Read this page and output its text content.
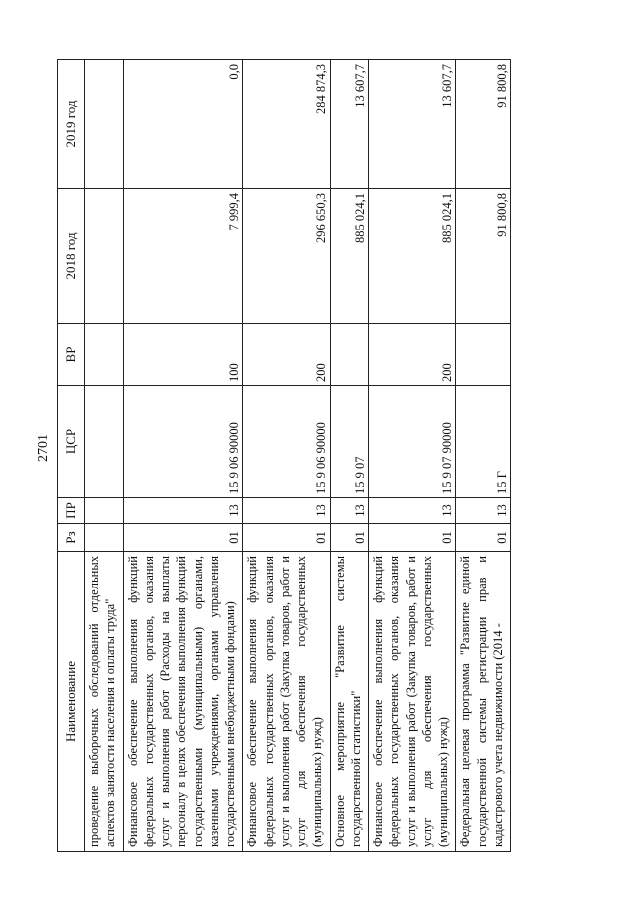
2701
Наименование	Рз	ПР	ЦСР	ВР	2018 год	2019 год
проведение выборочных обследований отдельных аспектов занятости населения и оплаты труда"						
Финансовое обеспечение выполнения функций федеральных государственных органов, оказания услуг и выполнения работ (Расходы на выплаты персоналу в целях обеспечения выполнения функций государственными (муниципальными) органами, казенными учреждениями, органами управления государственными внебюджетными фондами)	01	13	15 9 06 90000	100	7 999,4	0,0
Финансовое обеспечение выполнения функций федеральных государственных органов, оказания услуг и выполнения работ (Закупка товаров, работ и услуг для обеспечения государственных (муниципальных) нужд)	01	13	15 9 06 90000	200	296 650,3	284 874,3
Основное мероприятие "Развитие системы государственной статистики"	01	13	15 9 07		885 024,1	13 607,7
Финансовое обеспечение выполнения функций федеральных государственных органов, оказания услуг и выполнения работ (Закупка товаров, работ и услуг для обеспечения государственных (муниципальных) нужд)	01	13	15 9 07 90000	200	885 024,1	13 607,7
Федеральная целевая программа "Развитие единой государственной системы регистрации прав и кадастрового учета недвижимости (2014 -	01	13	15 Г		91 800,8	91 800,8
